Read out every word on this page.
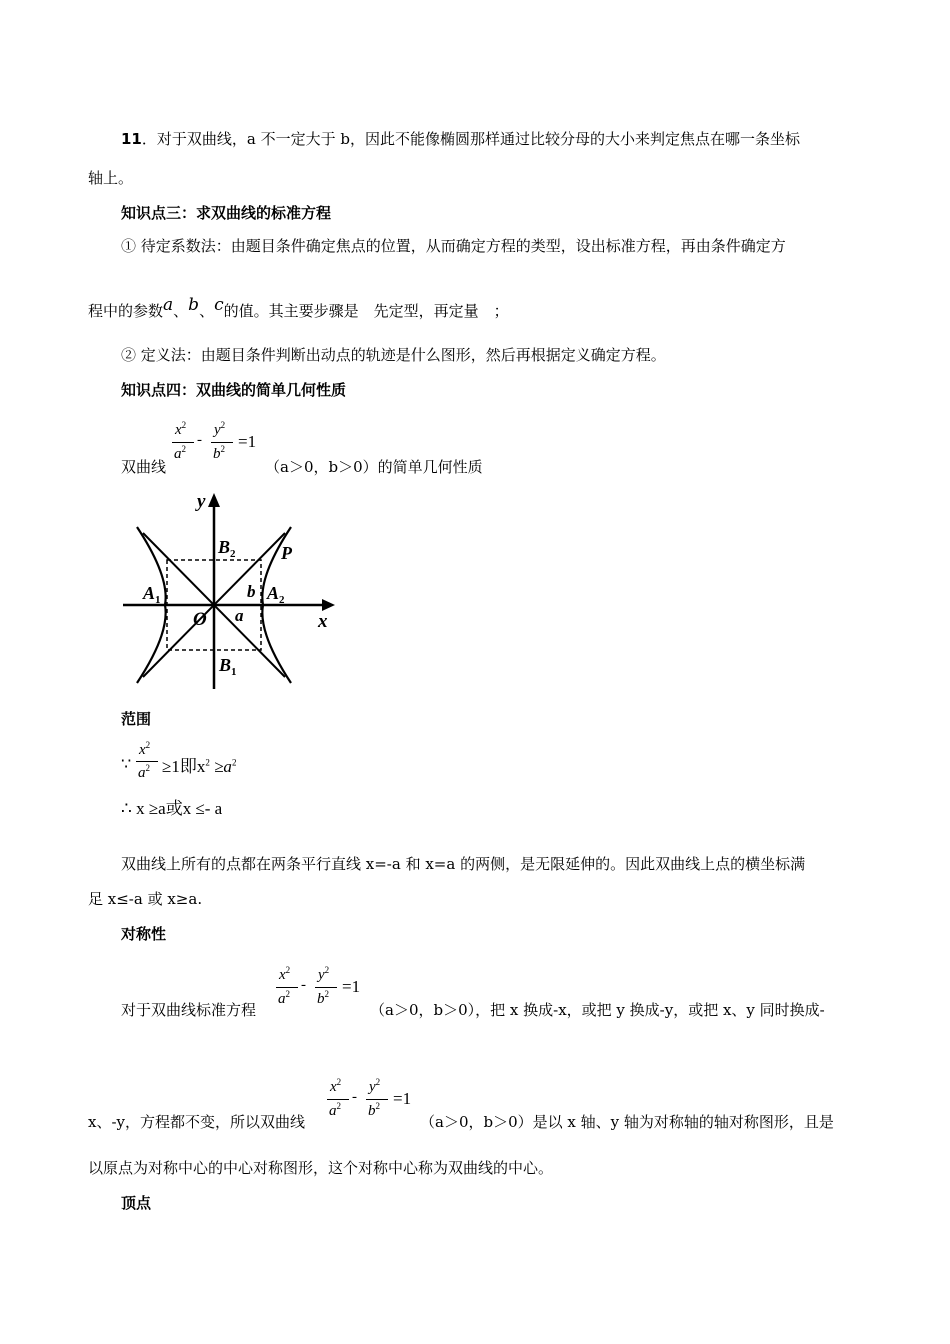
11．对于双曲线，a 不一定大于 b，因此不能像椭圆那样通过比较分母的大小来判定焦点在哪一条坐标
轴上。
知识点三：求双曲线的标准方程
① 待定系数法：由题目条件确定焦点的位置，从而确定方程的类型，设出标准方程，再由条件确定方
程中的参数a、b、c的值。其主要步骤是　先定型，再定量　；
② 定义法：由题目条件判断出动点的轨迹是什么图形，然后再根据定义确定方程。
知识点四：双曲线的简单几何性质
双曲线
$x^2$
$a^2$
-
$y^2$
$b^2 =1$
（a＞0，b＞0）的简单几何性质
y
x
$B_2$
$B_1$
$A_1$	$A_2$
P
O a
b
范围
∵
$x^2$
$a^2 \ge 1$即$x^2 \ge a^2$
∴ x ≥a或x ≤- a
双曲线上所有的点都在两条平行直线 x=-a 和 x=a 的两侧，是无限延伸的。因此双曲线上点的横坐标满
足 x≤-a 或 x≥a.
对称性
对于双曲线标准方程
$x^2$
$a^2$
-
$y^2$
$b^2 =1$
（a＞0，b＞0），把 x 换成-x，或把 y 换成-y，或把 x、y 同时换成-
x、-y，方程都不变，所以双曲线
$x^2$
$a^2$
-
$y^2$
$b^2 =1$
（a＞0，b＞0）是以 x 轴、y 轴为对称轴的轴对称图形，且是
以原点为对称中心的中心对称图形，这个对称中心称为双曲线的中心。
顶点
